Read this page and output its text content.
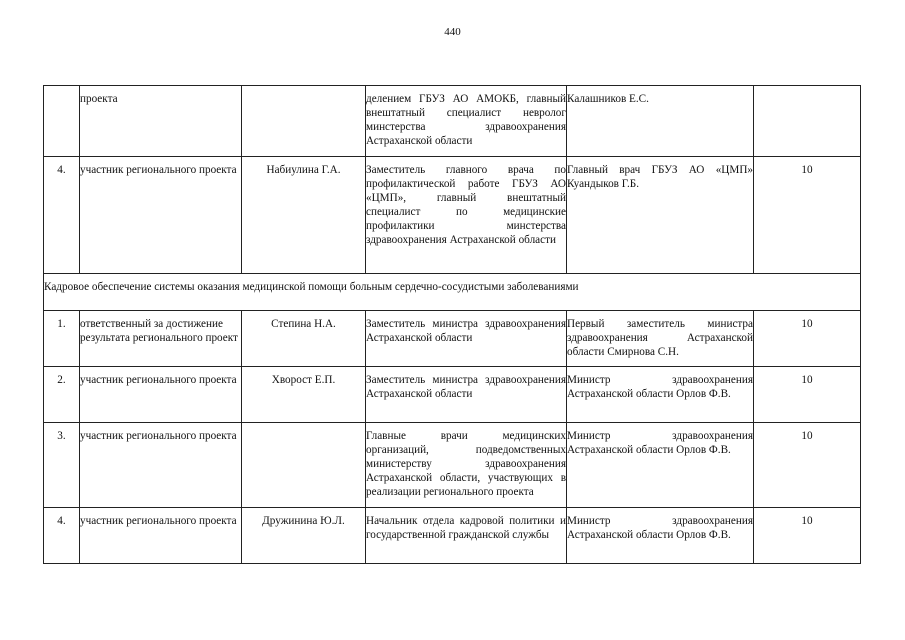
440

	проекта		делением ГБУЗ АО АМОКБ, главный внештатный специалист невролог минстерства здравоохранения Астраханской области	Калашников Е.С.	

4.	участник регионального проекта	Набиулина Г.А.	Заместитель главного врача по профилактической работе ГБУЗ АО «ЦМП», главный внештатный специалист по медицинские профилактики минстерства здравоохранения Астраханской области	Главный врач ГБУЗ АО «ЦМП» Куандыков Г.Б.	10

Кадровое обеспечение системы оказания медицинской помощи больным сердечно-сосудистыми заболеваниями					

1.	ответственный за достижение результата регионального проект	Степина Н.А.	Заместитель министра здравоохранения Астраханской области	Первый заместитель министра здравоохранения Астраханской области Смирнова С.Н.	10

2.	участник регионального проекта	Хворост Е.П.	Заместитель министра здравоохранения Астраханской области	Министр здравоохранения Астраханской области Орлов Ф.В.	10

3.	участник регионального проекта		Главные врачи медицинских организаций, подведомственных министерству здравоохранения Астраханской области, участвующих в реализации регионального проекта	Министр здравоохранения Астраханской области Орлов Ф.В.	10

4.	участник регионального проекта	Дружинина Ю.Л.	Начальник отдела кадровой политики и государственной гражданской службы	Министр здравоохранения Астраханской области Орлов Ф.В.	10
